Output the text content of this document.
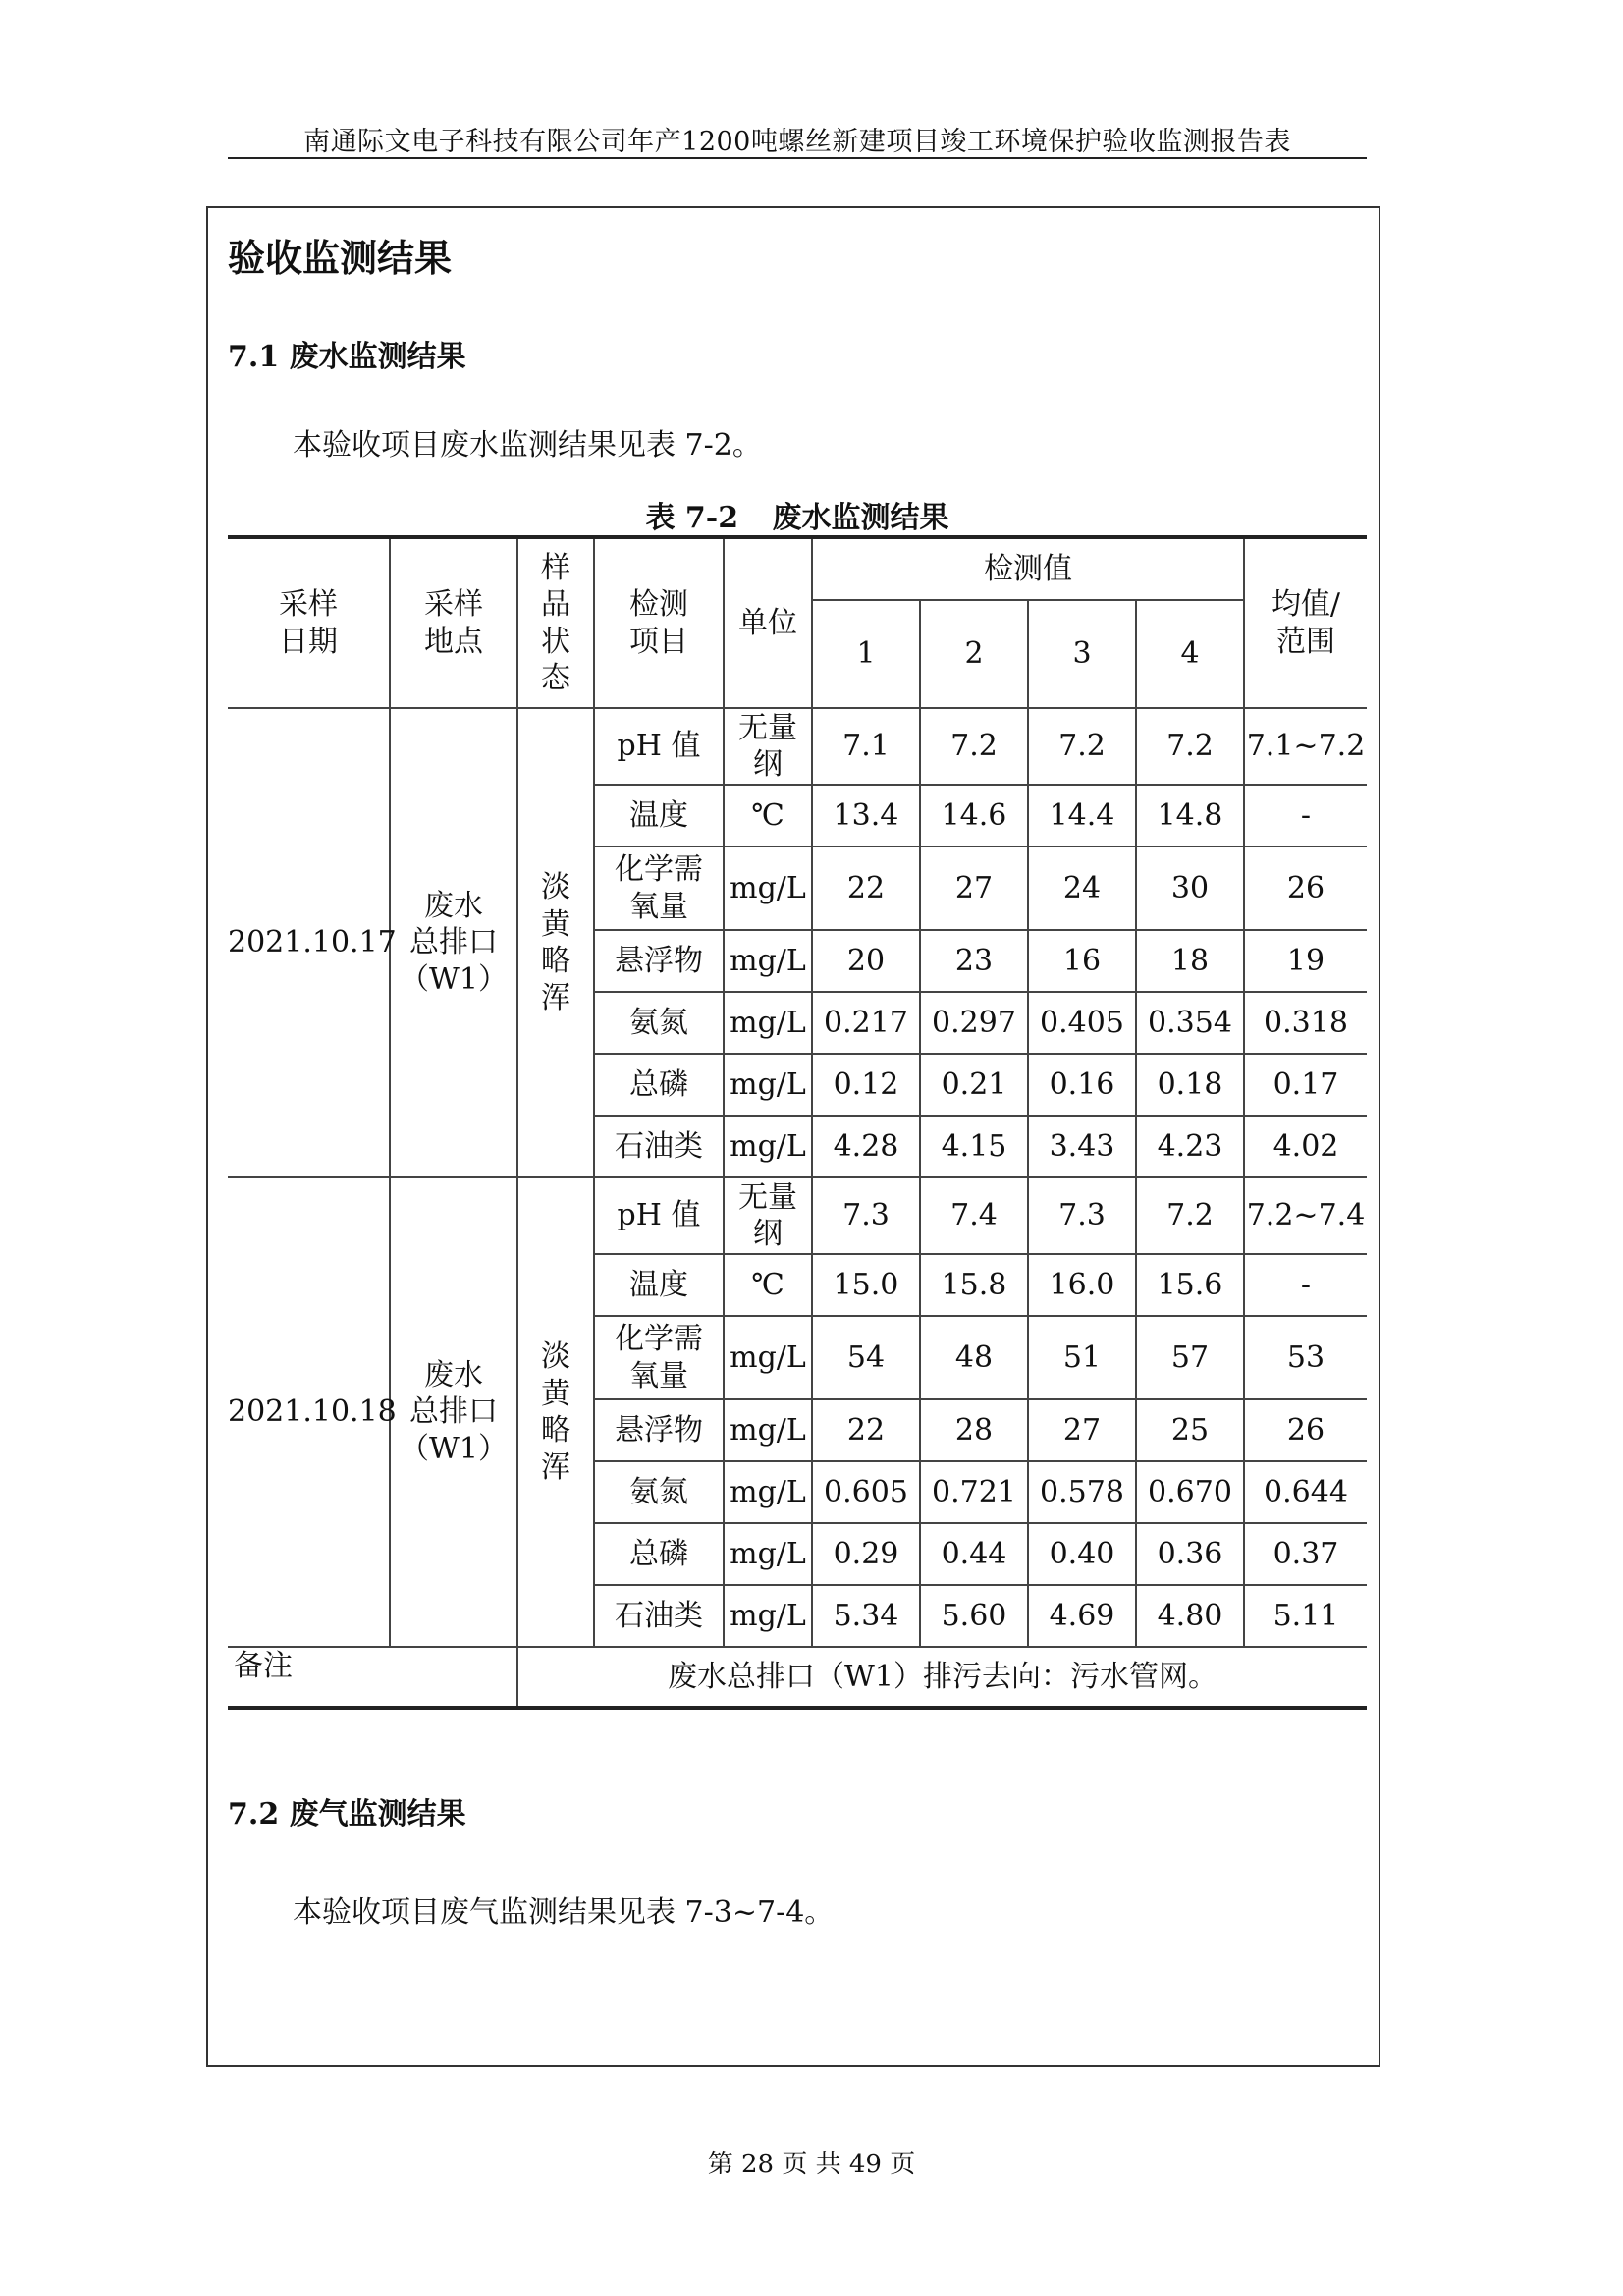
南通际文电子科技有限公司年产1200吨螺丝新建项目竣工环境保护验收监测报告表
验收监测结果
7.1 废水监测结果
本验收项目废水监测结果见表 7-2。
表 7-2 废水监测结果
采样
日期	采样
地点	样
品
状
态	检测
项目	单位	检测值				均值/
范围
					1	2	3	4	
2021.10.17	废水
总排口
（W1）	淡
黄
略
浑	pH 值	无量
纲	7.1	7.2	7.2	7.2	7.1~7.2
			温度	℃	13.4	14.6	14.4	14.8	-
			化学需
氧量	mg/L	22	27	24	30	26
			悬浮物	mg/L	20	23	16	18	19
			氨氮	mg/L	0.217	0.297	0.405	0.354	0.318
			总磷	mg/L	0.12	0.21	0.16	0.18	0.17
			石油类	mg/L	4.28	4.15	3.43	4.23	4.02
2021.10.18	废水
总排口
（W1）	淡
黄
略
浑	pH 值	无量
纲	7.3	7.4	7.3	7.2	7.2~7.4
			温度	℃	15.0	15.8	16.0	15.6	-
			化学需
氧量	mg/L	54	48	51	57	53
			悬浮物	mg/L	22	28	27	25	26
			氨氮	mg/L	0.605	0.721	0.578	0.670	0.644
			总磷	mg/L	0.29	0.44	0.40	0.36	0.37
			石油类	mg/L	5.34	5.60	4.69	4.80	5.11
备注		废水总排口（W1）排污去向：污水管网。							
7.2 废气监测结果
本验收项目废气监测结果见表 7-3~7-4。
第 28 页 共 49 页
